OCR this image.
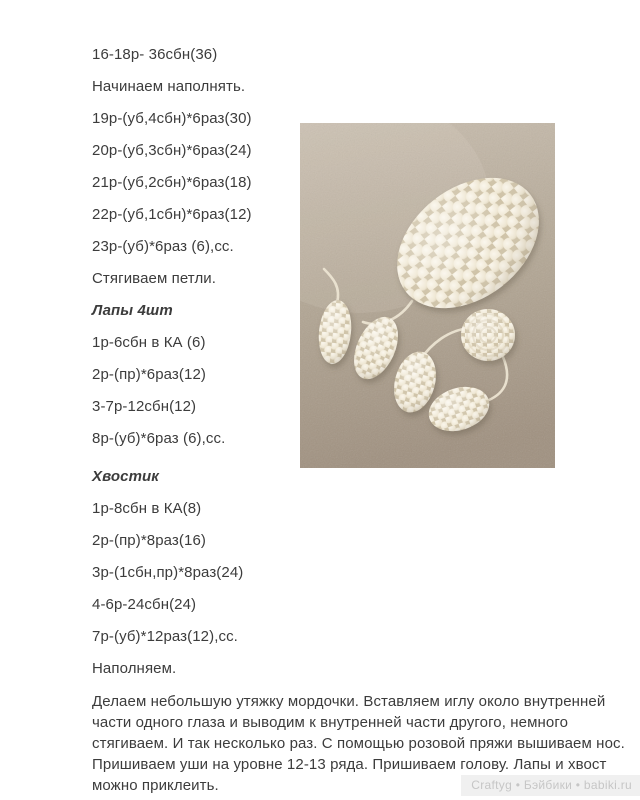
16-18р- 36сбн(36)

Начинаем наполнять.

19р-(уб,4сбн)*6раз(30)

20р-(уб,3сбн)*6раз(24)

21р-(уб,2сбн)*6раз(18)

22р-(уб,1сбн)*6раз(12)

23р-(уб)*6раз (6),сс.

Стягиваем петли.

Лапы 4шт

1р-6сбн в КА (6)

2р-(пр)*6раз(12)

3-7р-12сбн(12)

8р-(уб)*6раз (6),сс.

Хвостик

1р-8сбн в КА(8)

2р-(пр)*8раз(16)

3р-(1сбн,пр)*8раз(24)

4-6р-24сбн(24)

7р-(уб)*12раз(12),сс.

Наполняем.

Делаем небольшую утяжку мордочки. Вставляем иглу около внутренней
части одного глаза и выводим к внутренней части другого, немного
стягиваем. И так несколько раз. С помощью розовой пряжи вышиваем нос.
Пришиваем уши на уровне 12-13 ряда. Пришиваем голову. Лапы и хвост
можно приклеить.	Craftyg • Бэйбики • babiki.ru
